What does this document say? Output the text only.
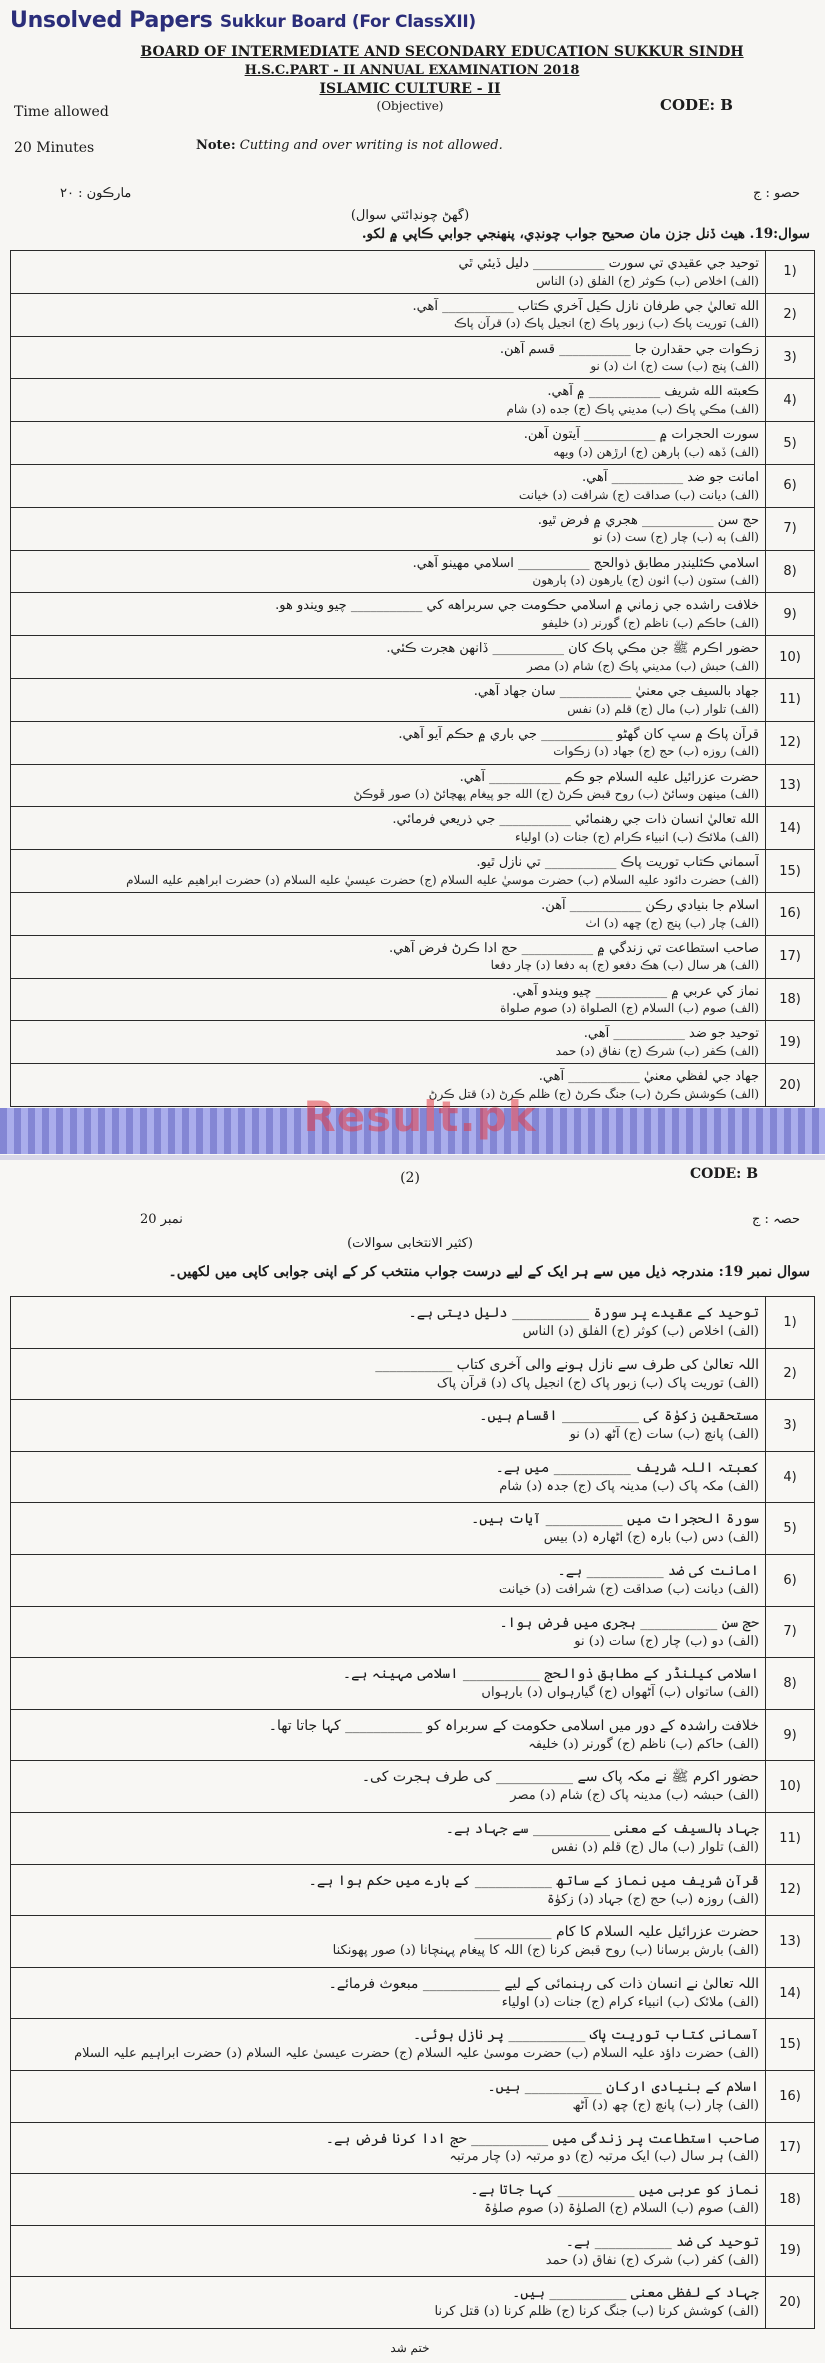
Unsolved Papers Sukkur Board (For ClassXII)
BOARD OF INTERMEDIATE AND SECONDARY EDUCATION SUKKUR SINDH
H.S.C.PART - II ANNUAL EXAMINATION 2018
ISLAMIC CULTURE - II
(Objective)	CODE: B
Time allowed
20 Minutes	Note: Cutting and over writing is not allowed.
مارڪون : ٢٠	حصو : ج
(گھڻ چونڊائتي سوال)
سوال:19. هيٺ ڏنل جزن مان صحيح جواب چونڊي، پنهنجي جوابي ڪاپي ۾ لکو.
توحيد جي عقيدي تي سورت ___________ دليل ڏيئي ٿي
(الف) اخلاص (ب) ڪوثر (ج) الفلق (د) الناس	1)

الله تعاليٰ جي طرفان نازل ڪيل آخري ڪتاب ___________ آهي.
(الف) توريت پاڪ (ب) زبور پاڪ (ج) انجيل پاڪ (د) قرآن پاڪ	2)

زڪوات جي حقدارن جا ___________ قسم آهن.
(الف) پنج (ب) ست (ج) اٺ (د) نو	3)

ڪعبته الله شريف ___________ ۾ آهي.
(الف) مڪي پاڪ (ب) مديني پاڪ (ج) جده (د) شام	4)

سورت الحجرات ۾ ___________ آيتون آهن.
(الف) ڏهه (ب) ٻارهن (ج) ارڙهن (د) ويهه	5)

امانت جو ضد ___________ آهي.
(الف) ديانت (ب) صداقت (ج) شرافت (د) خيانت	6)

حج سن ___________ هجري ۾ فرض ٿيو.
(الف) ٻه (ب) چار (ج) ست (د) نو	7)

اسلامي ڪئلينڊر مطابق ذوالحج ___________ اسلامي مهينو آهي.
(الف) ستون (ب) اٺون (ج) يارهون (د) ٻارهون	8)

خلافت راشده جي زماني ۾ اسلامي حڪومت جي سربراهه کي ___________ چيو ويندو هو.
(الف) حاڪم (ب) ناظم (ج) گورنر (د) خليفو	9)

حضور اڪرم ﷺ جن مڪي پاڪ کان ___________ ڏانهن هجرت ڪئي.
(الف) حبش (ب) مديني پاڪ (ج) شام (د) مصر	10)

جهاد بالسيف جي معنيٰ ___________ سان جهاد آهي.
(الف) تلوار (ب) مال (ج) قلم (د) نفس	11)

قرآن پاڪ ۾ سڀ کان گهڻو ___________ جي باري ۾ حڪم آيو آهي.
(الف) روزه (ب) حج (ج) جهاد (د) زڪوات	12)

حضرت عزرائيل عليه السلام جو ڪم ___________ آهي.
(الف) مينهن وسائڻ (ب) روح قبض ڪرڻ (ج) الله جو پيغام پهچائڻ (د) صور ڦوڪڻ	13)

الله تعاليٰ انسان ذات جي رهنمائي ___________ جي ذريعي فرمائي.
(الف) ملائڪ (ب) انبياء ڪرام (ج) جنات (د) اولياء	14)

آسماني ڪتاب توريت پاڪ ___________ تي نازل ٿيو.
(الف) حضرت دائود عليه السلام (ب) حضرت موسيٰ عليه السلام (ج) حضرت عيسيٰ عليه السلام (د) حضرت ابراهيم عليه السلام	15)

اسلام جا بنيادي رڪن ___________ آهن.
(الف) چار (ب) پنج (ج) ڇهه (د) اٺ	16)

صاحب استطاعت تي زندگي ۾ ___________ حج ادا ڪرڻ فرض آهي.
(الف) هر سال (ب) هڪ دفعو (ج) ٻه دفعا (د) چار دفعا	17)

نماز کي عربي ۾ ___________ چيو ويندو آهي.
(الف) صوم (ب) السلام (ج) الصلواة (د) صوم صلواة	18)

توحيد جو ضد ___________ آهي.
(الف) ڪفر (ب) شرڪ (ج) نفاق (د) حمد	19)

جهاد جي لفظي معنيٰ ___________ آهي.
(الف) ڪوشش ڪرڻ (ب) جنگ ڪرڻ (ج) ظلم ڪرڻ (د) قتل ڪرڻ	20)
Result.pk
(2)	CODE: B
حصہ : ج
نمبر 20
(کثیر الانتخابی سوالات)
سوال نمبر 19: مندرجہ ذیل میں سے ہر ایک کے لیے درست جواب منتخب کر کے اپنی جوابی کاپی میں لکھیں۔
توحید کے عقیدے پر سورة ___________ دلیل دیتی ہے۔
(الف) اخلاص (ب) کوثر (ج) الفلق (د) الناس	1)

اللہ تعالیٰ کی طرف سے نازل ہونے والی آخری کتاب ___________
(الف) توریت پاک (ب) زبور پاک (ج) انجیل پاک (د) قرآن پاک	2)

مستحقین زکوٰۃ کی ___________ اقسام ہیں۔
(الف) پانچ (ب) سات (ج) آٹھ (د) نو	3)

کعبتہ اللہ شریف ___________ میں ہے۔
(الف) مکہ پاک (ب) مدینہ پاک (ج) جدہ (د) شام	4)

سورة الحجرات میں ___________ آیات ہیں۔
(الف) دس (ب) بارہ (ج) اٹھارہ (د) بیس	5)

امانت کی ضد ___________ ہے۔
(الف) دیانت (ب) صداقت (ج) شرافت (د) خیانت	6)

حج سن ___________ ہجری میں فرض ہوا۔
(الف) دو (ب) چار (ج) سات (د) نو	7)

اسلامی کیلنڈر کے مطابق ذوالحج ___________ اسلامی مہینہ ہے۔
(الف) ساتواں (ب) آٹھواں (ج) گیارہواں (د) بارہواں	8)

خلافت راشدہ کے دور میں اسلامی حکومت کے سربراہ کو ___________ کہا جاتا تھا۔
(الف) حاکم (ب) ناظم (ج) گورنر (د) خلیفہ	9)

حضور اکرم ﷺ نے مکہ پاک سے ___________ کی طرف ہجرت کی۔
(الف) حبشہ (ب) مدینہ پاک (ج) شام (د) مصر	10)

جہاد بالسیف کے معنی ___________ سے جہاد ہے۔
(الف) تلوار (ب) مال (ج) قلم (د) نفس	11)

قرآن شریف میں نماز کے ساتھ ___________ کے بارے میں حکم ہوا ہے۔
(الف) روزہ (ب) حج (ج) جہاد (د) زکوٰۃ	12)

حضرت عزرائیل علیہ السلام کا کام ___________
(الف) بارش برسانا (ب) روح قبض کرنا (ج) اللہ کا پیغام پہنچانا (د) صور پھونکنا	13)

اللہ تعالیٰ نے انسان ذات کی رہنمائی کے لیے ___________ مبعوث فرمائے۔
(الف) ملائک (ب) انبیاء کرام (ج) جنات (د) اولیاء	14)

آسمانی کتاب توریت پاک ___________ پر نازل ہوئی۔
(الف) حضرت داؤد علیہ السلام (ب) حضرت موسیٰ علیہ السلام (ج) حضرت عیسیٰ علیہ السلام (د) حضرت ابراہیم علیہ السلام	15)

اسلام کے بنیادی ارکان ___________ ہیں۔
(الف) چار (ب) پانچ (ج) چھ (د) آٹھ	16)

صاحب استطاعت پر زندگی میں ___________ حج ادا کرنا فرض ہے۔
(الف) ہر سال (ب) ایک مرتبہ (ج) دو مرتبہ (د) چار مرتبہ	17)

نماز کو عربی میں ___________ کہا جاتا ہے۔
(الف) صوم (ب) السلام (ج) الصلوٰۃ (د) صوم صلوٰۃ	18)

توحید کی ضد ___________ ہے۔
(الف) کفر (ب) شرک (ج) نفاق (د) حمد	19)

جہاد کے لفظی معنی ___________ ہیں۔
(الف) کوشش کرنا (ب) جنگ کرنا (ج) ظلم کرنا (د) قتل کرنا	20)
ختم شد
